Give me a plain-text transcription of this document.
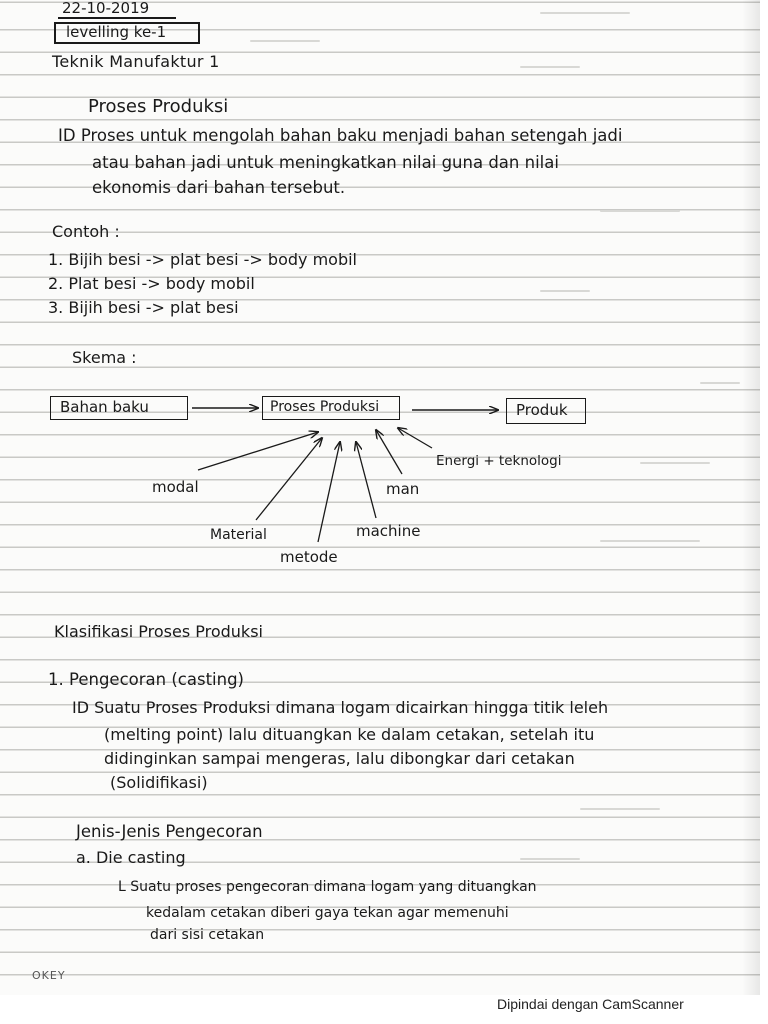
22-10-2019
levelling ke-1
Teknik Manufaktur 1
Proses Produksi
ID Proses untuk mengolah bahan baku menjadi bahan setengah jadi
atau bahan jadi untuk meningkatkan nilai guna dan nilai
ekonomis dari bahan tersebut.
Contoh :
1. Bijih besi -> plat besi -> body mobil
2. Plat besi -> body mobil
3. Bijih besi -> plat besi
Skema :
Bahan baku	Proses Produksi	Produk
Energi + teknologi
modal	man
Material	machine
metode
Klasifikasi Proses Produksi
1. Pengecoran (casting)
ID Suatu Proses Produksi dimana logam dicairkan hingga titik leleh
(melting point) lalu dituangkan ke dalam cetakan, setelah itu
didinginkan sampai mengeras, lalu dibongkar dari cetakan
(Solidifikasi)
Jenis-Jenis Pengecoran
a. Die casting
L Suatu proses pengecoran dimana logam yang dituangkan
kedalam cetakan diberi gaya tekan agar memenuhi
dari sisi cetakan
OKEY
Dipindai dengan CamScanner
